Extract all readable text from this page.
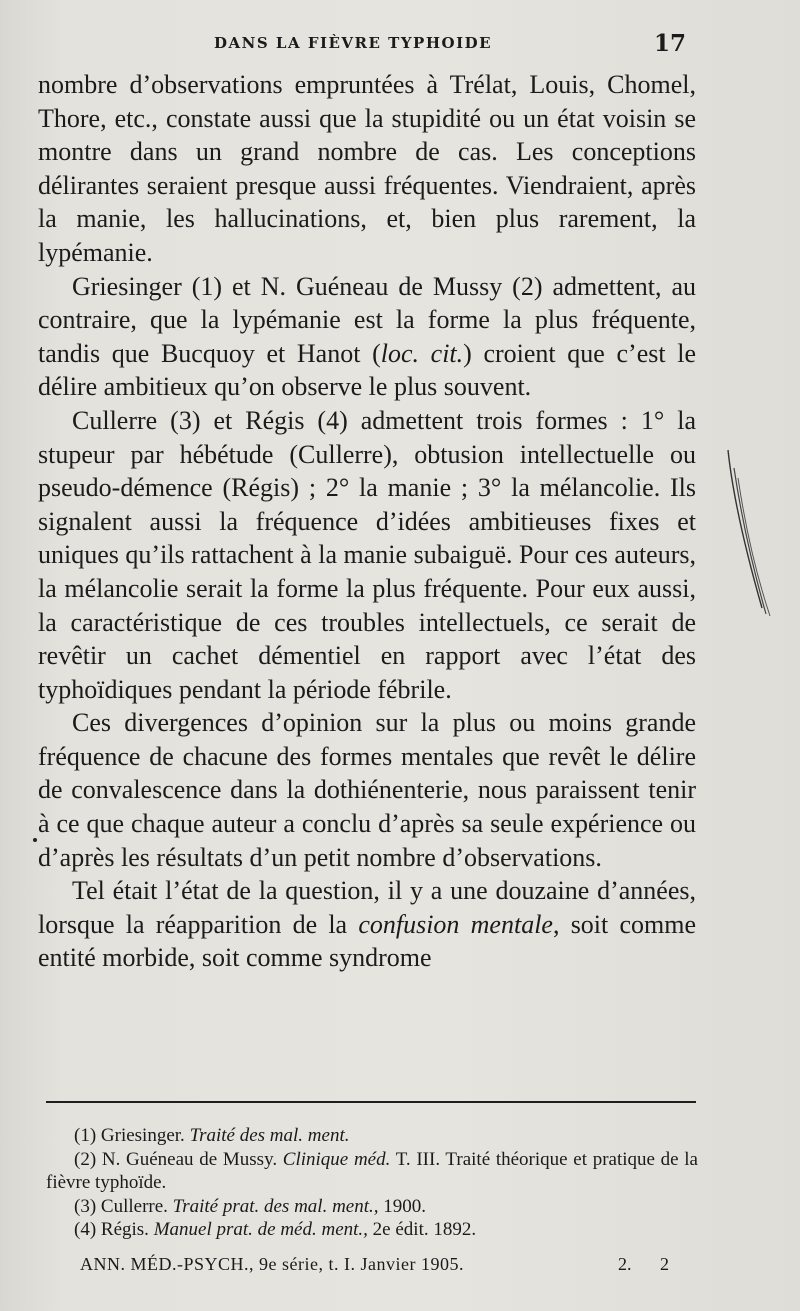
DANS LA FIÈVRE TYPHOIDE	17

nombre d’observations empruntées à Trélat, Louis, Chomel, Thore, etc., constate aussi que la stupidité ou un état voisin se montre dans un grand nombre de cas. Les conceptions délirantes seraient presque aussi fréquentes. Viendraient, après la manie, les hallucinations, et, bien plus rarement, la lypémanie.

Griesinger (1) et N. Guéneau de Mussy (2) admettent, au contraire, que la lypémanie est la forme la plus fréquente, tandis que Bucquoy et Hanot (loc. cit.) croient que c’est le délire ambitieux qu’on observe le plus souvent.

Cullerre (3) et Régis (4) admettent trois formes : 1° la stupeur par hébétude (Cullerre), obtusion intellectuelle ou pseudo-démence (Régis) ; 2° la manie ; 3° la mélancolie. Ils signalent aussi la fréquence d’idées ambitieuses fixes et uniques qu’ils rattachent à la manie subaiguë. Pour ces auteurs, la mélancolie serait la forme la plus fréquente. Pour eux aussi, la caractéristique de ces troubles intellectuels, ce serait de revêtir un cachet démentiel en rapport avec l’état des typhoïdiques pendant la période fébrile.

Ces divergences d’opinion sur la plus ou moins grande fréquence de chacune des formes mentales que revêt le délire de convalescence dans la dothiénenterie, nous paraissent tenir à ce que chaque auteur a conclu d’après sa seule expérience ou d’après les résultats d’un petit nombre d’observations.

Tel était l’état de la question, il y a une douzaine d’années, lorsque la réapparition de la confusion mentale, soit comme entité morbide, soit comme syndrome

(1) Griesinger. Traité des mal. ment.

(2) N. Guéneau de Mussy. Clinique méd. T. III. Traité théorique et pratique de la fièvre typhoïde.

(3) Cullerre. Traité prat. des mal. ment., 1900.

(4) Régis. Manuel prat. de méd. ment., 2e édit. 1892.

ANN. MÉD.-PSYCH., 9e série, t. I. Janvier 1905.	2. 2
